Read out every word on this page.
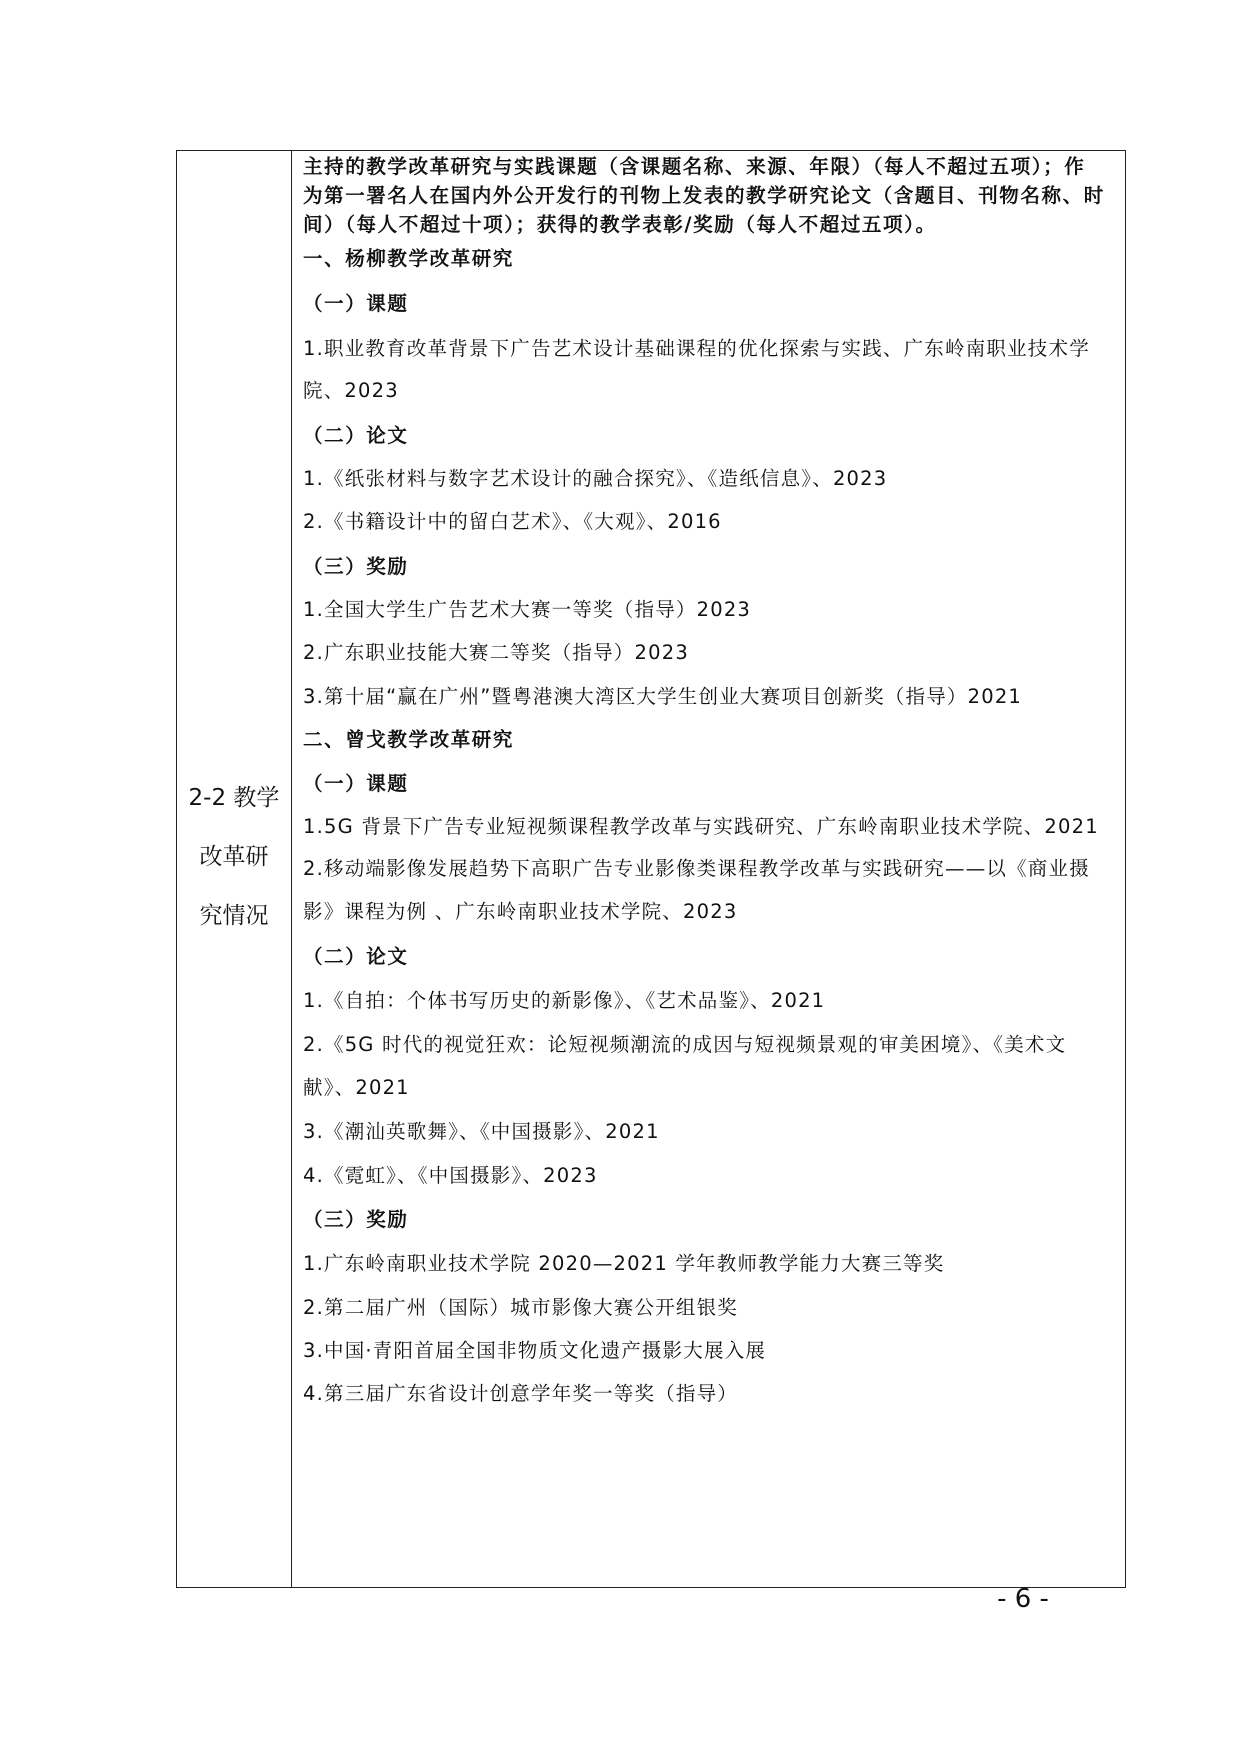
2-2 教学
改革研
究情况
主持的教学改革研究与实践课题（含课题名称、来源、年限）（每人不超过五项）；作
为第一署名人在国内外公开发行的刊物上发表的教学研究论文（含题目、刊物名称、时
间）（每人不超过十项）；获得的教学表彰/奖励（每人不超过五项）。
一、杨柳教学改革研究
（一）课题
1.职业教育改革背景下广告艺术设计基础课程的优化探索与实践、广东岭南职业技术学
院、2023
（二）论文
1.《纸张材料与数字艺术设计的融合探究》、《造纸信息》、2023
2.《书籍设计中的留白艺术》、《大观》、2016
（三）奖励
1.全国大学生广告艺术大赛一等奖（指导）2023
2.广东职业技能大赛二等奖（指导）2023
3.第十届“赢在广州”暨粤港澳大湾区大学生创业大赛项目创新奖（指导）2021
二、曾戈教学改革研究
（一）课题
1.5G 背景下广告专业短视频课程教学改革与实践研究、广东岭南职业技术学院、2021
2.移动端影像发展趋势下高职广告专业影像类课程教学改革与实践研究——以《商业摄
影》课程为例 、广东岭南职业技术学院、2023
（二）论文
1.《自拍：个体书写历史的新影像》、《艺术品鉴》、2021
2.《5G 时代的视觉狂欢：论短视频潮流的成因与短视频景观的审美困境》、《美术文
献》、2021
3.《潮汕英歌舞》、《中国摄影》、2021
4.《霓虹》、《中国摄影》、2023
（三）奖励
1.广东岭南职业技术学院 2020—2021 学年教师教学能力大赛三等奖
2.第二届广州（国际）城市影像大赛公开组银奖
3.中国·青阳首届全国非物质文化遗产摄影大展入展
4.第三届广东省设计创意学年奖一等奖（指导）
- 6 -
